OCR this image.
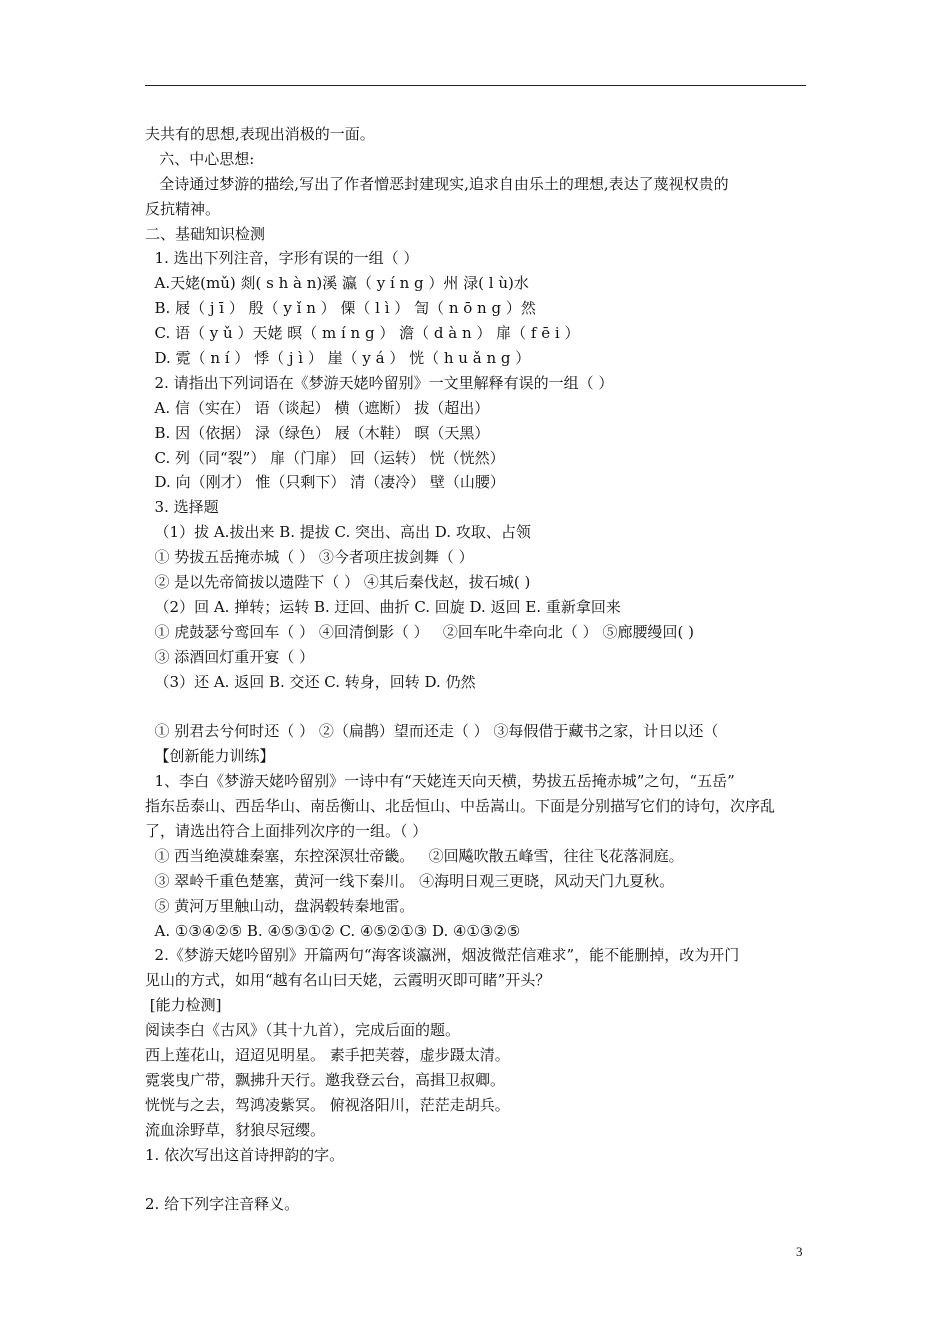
夫共有的思想,表现出消极的一面。
六、中心思想:
全诗通过梦游的描绘,写出了作者憎恶封建现实,追求自由乐土的理想,表达了蔑视权贵的
反抗精神。
二、基础知识检测
1. 选出下列注音，字形有误的一组（ ）
A.天姥(mǔ) 剡( s h à n)溪 瀛（ y í n g ）州 渌( l ù)水
B. 屐（ j ī ） 殷（ y ǐ n ） 傈（ l ì ） 訇（ n ō n g ）然
C. 语（ y ǔ ）天姥 暝（ m í n g ） 澹（ d à n ） 扉（ f ē i ）
D. 霓（ n í ） 悸（ j ì ） 崖（ y á ） 恍（ h u ǎ n g ）
2. 请指出下列词语在《梦游天姥吟留别》一文里解释有误的一组（ ）
A. 信（实在） 语（谈起） 横（遮断） 拔（超出）
B. 因（依据） 渌（绿色） 屐（木鞋） 暝（天黑）
C. 列（同“裂”） 扉（门扉） 回（运转） 恍（恍然）
D. 向（刚才） 惟（只剩下） 清（凄冷） 壁（山腰）
3. 选择题
（1）拔 A.拔出来 B. 提拔 C. 突出、高出 D. 攻取、占领
① 势拔五岳掩赤城（ ） ③今者项庄拔剑舞（ ）
② 是以先帝简拔以遗陛下（ ） ④其后秦伐赵，拔石城( )
（2）回 A. 掸转；运转 B. 迂回、曲折 C. 回旋 D. 返回 E. 重新拿回来
① 虎鼓瑟兮鸾回车（ ） ④回清倒影（ ）   ②回车叱牛牵向北（ ） ⑤廊腰缦回( )
③ 添酒回灯重开宴（ ）
（3）还 A. 返回 B. 交还 C. 转身，回转 D. 仍然
① 别君去兮何时还（ ） ②（扁鹊）望而还走（ ） ③每假借于藏书之家，计日以还（
【创新能力训练】
1、李白《梦游天姥吟留别》一诗中有“天姥连天向天横，势拔五岳掩赤城”之句，“五岳”
指东岳泰山、西岳华山、南岳衡山、北岳恒山、中岳嵩山。下面是分别描写它们的诗句，次序乱
了，请选出符合上面排列次序的一组。（ ）
① 西当绝漠雄秦塞，东控深溟壮帝畿。   ②回飚吹散五峰雪，往往飞花落洞庭。
③ 翠岭千重色楚塞，黄河一线下秦川。 ④海明日观三更晓，风动天门九夏秋。
⑤ 黄河万里触山动，盘涡毂转秦地雷。
A. ①③④②⑤ B. ④⑤③①② C. ④⑤②①③ D. ④①③②⑤
2.《梦游天姥吟留别》开篇两句“海客谈瀛洲，烟波微茫信难求”，能不能删掉，改为开门
见山的方式，如用“越有名山曰天姥，云霞明灭即可睹”开头？
[能力检测]
阅读李白《古风》（其十九首），完成后面的题。
西上莲花山，迢迢见明星。 素手把芙蓉，虚步蹑太清。
霓裳曳广带，飘拂升天行。邀我登云台，高揖卫叔卿。
恍恍与之去，驾鸿凌紫冥。 俯视洛阳川，茫茫走胡兵。
流血涂野草，豺狼尽冠缨。
1. 依次写出这首诗押韵的字。
2. 给下列字注音释义。
3
